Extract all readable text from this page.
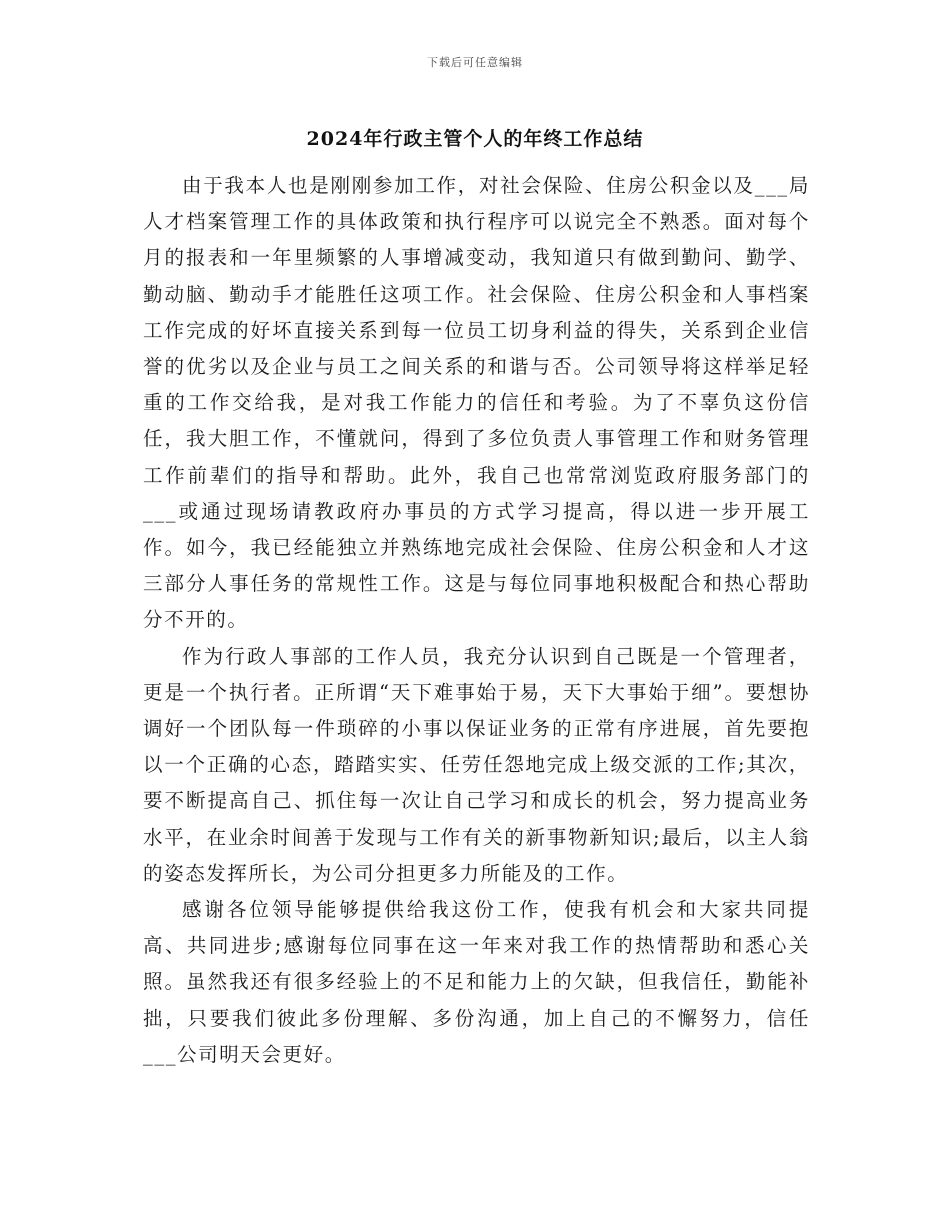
下载后可任意编辑
2024年行政主管个人的年终工作总结

由于我本人也是刚刚参加工作，对社会保险、住房公积金以及___局人才档案管理工作的具体政策和执行程序可以说完全不熟悉。面对每个月的报表和一年里频繁的人事增减变动，我知道只有做到勤问、勤学、勤动脑、勤动手才能胜任这项工作。社会保险、住房公积金和人事档案工作完成的好坏直接关系到每一位员工切身利益的得失，关系到企业信誉的优劣以及企业与员工之间关系的和谐与否。公司领导将这样举足轻重的工作交给我，是对我工作能力的信任和考验。为了不辜负这份信任，我大胆工作，不懂就问，得到了多位负责人事管理工作和财务管理工作前辈们的指导和帮助。此外，我自己也常常浏览政府服务部门的___或通过现场请教政府办事员的方式学习提高，得以进一步开展工作。如今，我已经能独立并熟练地完成社会保险、住房公积金和人才这三部分人事任务的常规性工作。这是与每位同事地积极配合和热心帮助分不开的。

作为行政人事部的工作人员，我充分认识到自己既是一个管理者，更是一个执行者。正所谓“天下难事始于易，天下大事始于细”。要想协调好一个团队每一件琐碎的小事以保证业务的正常有序进展，首先要抱以一个正确的心态，踏踏实实、任劳任怨地完成上级交派的工作;其次，要不断提高自己、抓住每一次让自己学习和成长的机会，努力提高业务水平，在业余时间善于发现与工作有关的新事物新知识;最后，以主人翁的姿态发挥所长，为公司分担更多力所能及的工作。

感谢各位领导能够提供给我这份工作，使我有机会和大家共同提高、共同进步;感谢每位同事在这一年来对我工作的热情帮助和悉心关照。虽然我还有很多经验上的不足和能力上的欠缺，但我信任，勤能补拙，只要我们彼此多份理解、多份沟通，加上自己的不懈努力，信任___公司明天会更好。
